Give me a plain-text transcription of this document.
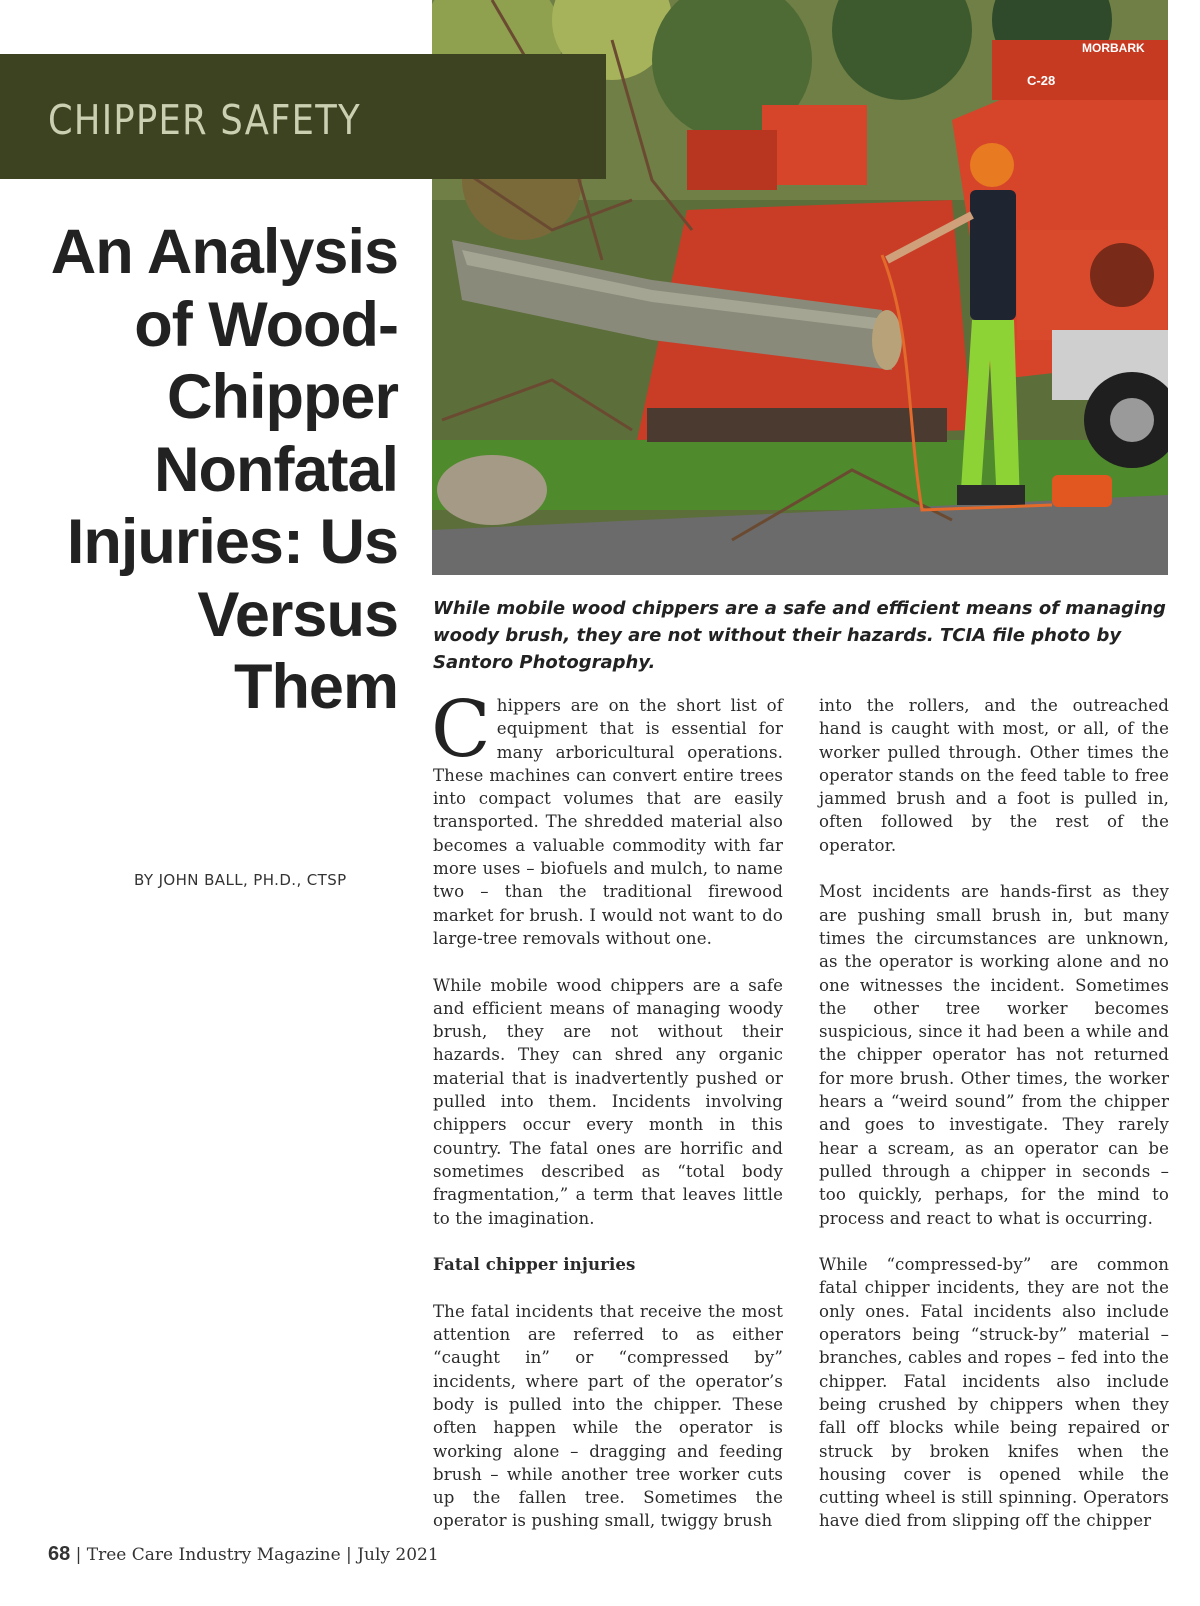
CHIPPER SAFETY
An Analysis of Wood-Chipper Nonfatal Injuries: Us Versus Them
BY JOHN BALL, PH.D., CTSP
MORBARK
C-28
While mobile wood chippers are a safe and efficient means of managing woody brush, they are not without their hazards. TCIA file photo by Santoro Photography.

Chippers are on the short list of equipment that is essential for many arboricultural operations. These machines can convert entire trees into compact volumes that are easily transported. The shredded material also becomes a valuable commodity with far more uses – biofuels and mulch, to name two – than the traditional firewood market for brush. I would not want to do large-tree removals without one.

While mobile wood chippers are a safe and efficient means of managing woody brush, they are not without their hazards. They can shred any organic material that is inadvertently pushed or pulled into them. Incidents involving chippers occur every month in this country. The fatal ones are horrific and sometimes described as “total body fragmentation,” a term that leaves little to the imagination.

Fatal chipper injuries

The fatal incidents that receive the most attention are referred to as either “caught in” or “compressed by” incidents, where part of the operator’s body is pulled into the chipper. These often happen while the operator is working alone – dragging and feeding brush – while another tree worker cuts up the fallen tree. Sometimes the operator is pushing small, twiggy brush

into the rollers, and the outreached hand is caught with most, or all, of the worker pulled through. Other times the operator stands on the feed table to free jammed brush and a foot is pulled in, often followed by the rest of the operator.

Most incidents are hands-first as they are pushing small brush in, but many times the circumstances are unknown, as the operator is working alone and no one witnesses the incident. Sometimes the other tree worker becomes suspicious, since it had been a while and the chipper operator has not returned for more brush. Other times, the worker hears a “weird sound” from the chipper and goes to investigate. They rarely hear a scream, as an operator can be pulled through a chipper in seconds – too quickly, perhaps, for the mind to process and react to what is occurring.

While “compressed-by” are common fatal chipper incidents, they are not the only ones. Fatal incidents also include operators being “struck-by” material – branches, cables and ropes – fed into the chipper. Fatal incidents also include being crushed by chippers when they fall off blocks while being repaired or struck by broken knifes when the housing cover is opened while the cutting wheel is still spinning. Operators have died from slipping off the chipper

68 | Tree Care Industry Magazine | July 2021
